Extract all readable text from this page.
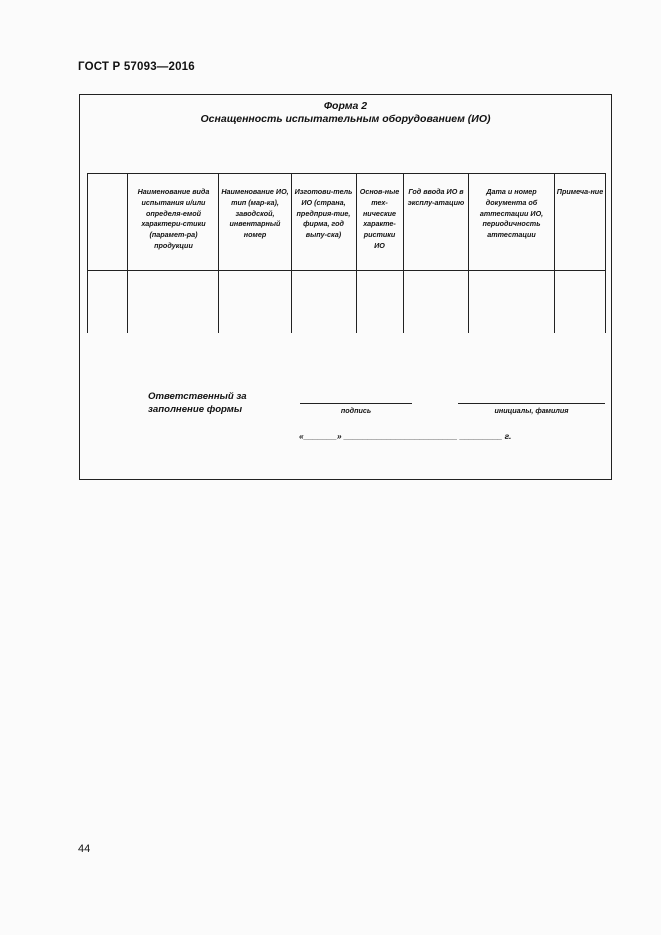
ГОСТ Р 57093—2016
Форма 2
Оснащенность испытательным оборудованием (ИО)
Наименование вида испытания и/или определя-емой характери-стики (парамет-ра) продукции
Наименование ИО, тип (мар-ка), заводской, инвентарный номер
Изготови-тель ИО (страна, предприя-тие, фирма, год выпу-ска)
Основ-ные тех-нические характе-ристики ИО
Год ввода ИО в эксплу-атацию
Дата и номер документа об аттестации ИО, периодичность аттестации
Примеча-ние
Ответственный за заполнение формы	подпись	инициалы, фамилия
«_______» ________________________ _________ г.
44
